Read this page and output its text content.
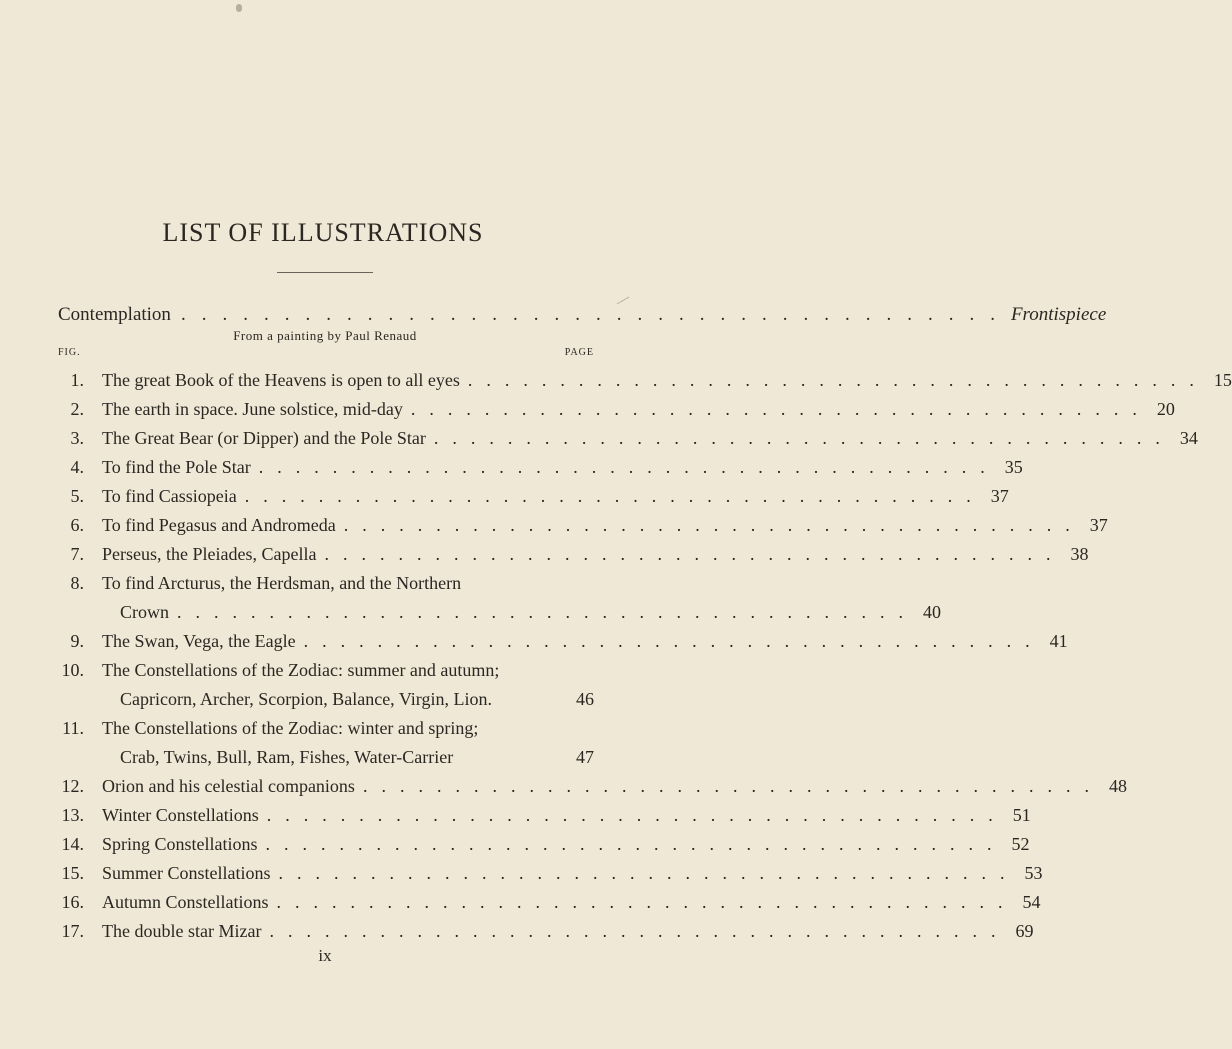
LIST OF ILLUSTRATIONS
Contemplation ........................................ Frontispiece
From a painting by Paul Renaud
FIG.	PAGE
1. The great Book of the Heavens is open to all eyes ........................................ 15
2. The earth in space. June solstice, mid-day ........................................ 20
3. The Great Bear (or Dipper) and the Pole Star ........................................ 34
4. To find the Pole Star ........................................ 35
5. To find Cassiopeia ........................................ 37
6. To find Pegasus and Andromeda ........................................ 37
7. Perseus, the Pleiades, Capella ........................................ 38
8. To find Arcturus, the Herdsman, and the Northern
Crown ........................................ 40
9. The Swan, Vega, the Eagle ........................................ 41
10. The Constellations of the Zodiac: summer and autumn;
Capricorn, Archer, Scorpion, Balance, Virgin, Lion.	46
11. The Constellations of the Zodiac: winter and spring;
Crab, Twins, Bull, Ram, Fishes, Water-Carrier	47
12. Orion and his celestial companions ........................................ 48
13. Winter Constellations ........................................ 51
14. Spring Constellations ........................................ 52
15. Summer Constellations ........................................ 53
16. Autumn Constellations ........................................ 54
17. The double star Mizar ........................................ 69
ix
